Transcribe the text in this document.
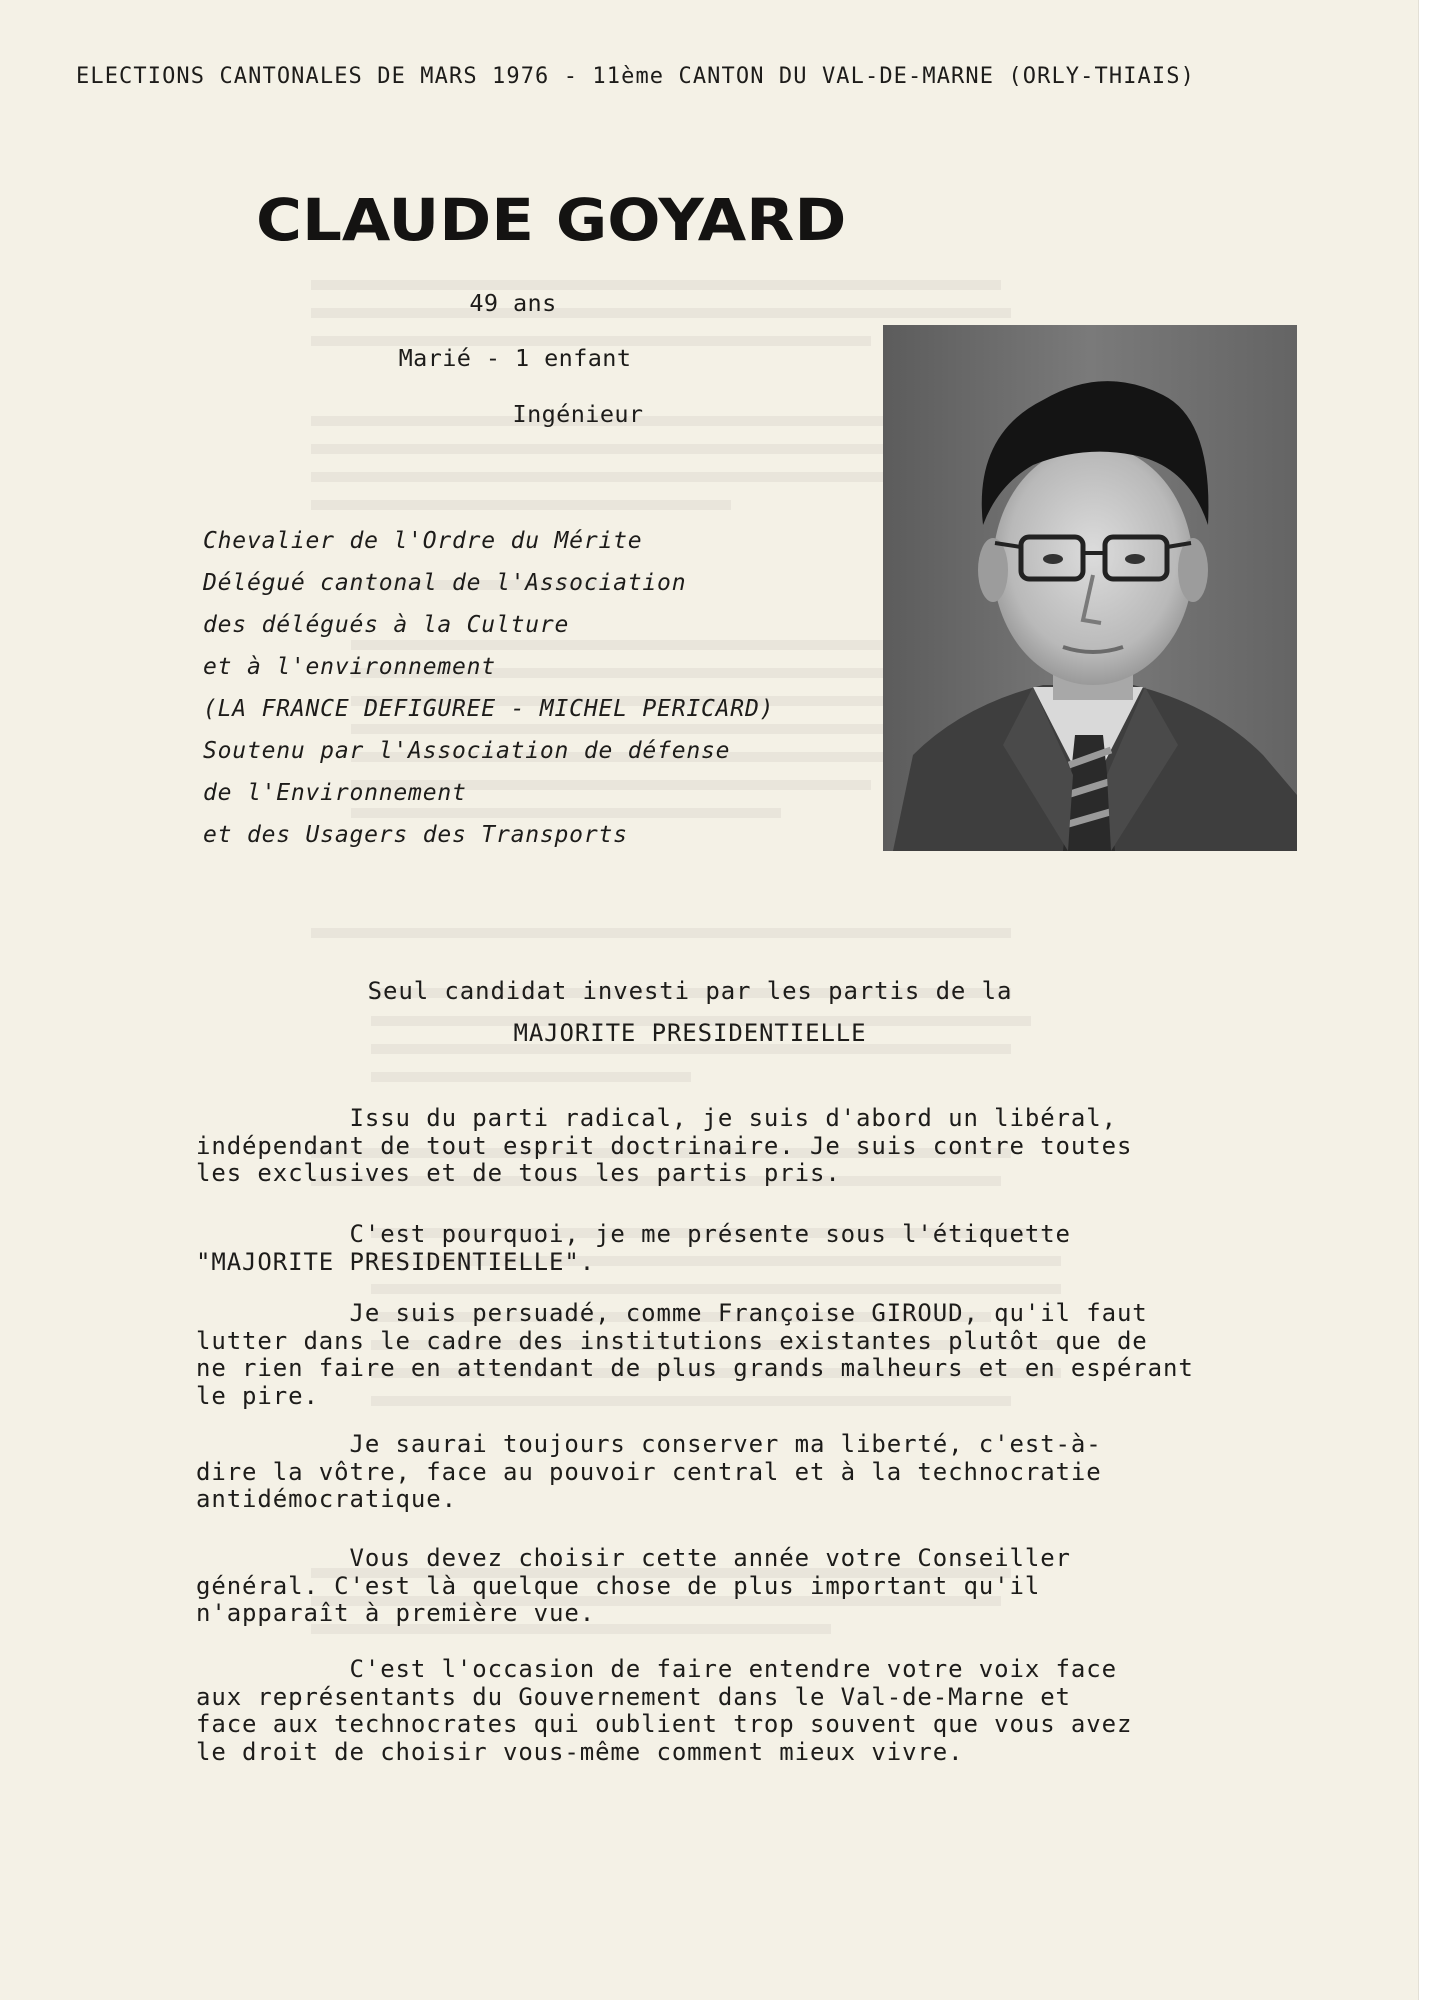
ELECTIONS CANTONALES DE MARS 1976 - 11ème CANTON DU VAL-DE-MARNE (ORLY-THIAIS)

CLAUDE GOYARD

49 ans

Marié - 1 enfant

Ingénieur

Chevalier de l'Ordre du Mérite

Délégué cantonal de l'Association

des délégués à la Culture

et à l'environnement

(LA FRANCE DEFIGUREE - MICHEL PERICARD)

Soutenu par l'Association de défense

de l'Environnement

et des Usagers des Transports

Seul candidat investi par les partis de la

MAJORITE PRESIDENTIELLE

Issu du parti radical, je suis d'abord un libéral,
indépendant de tout esprit doctrinaire. Je suis contre toutes
les exclusives et de tous les partis pris.

C'est pourquoi, je me présente sous l'étiquette
"MAJORITE PRESIDENTIELLE".

Je suis persuadé, comme Françoise GIROUD, qu'il faut
lutter dans le cadre des institutions existantes plutôt que de
ne rien faire en attendant de plus grands malheurs et en espérant
le pire.

Je saurai toujours conserver ma liberté, c'est-à-
dire la vôtre, face au pouvoir central et à la technocratie
antidémocratique.

Vous devez choisir cette année votre Conseiller
général. C'est là quelque chose de plus important qu'il
n'apparaît à première vue.

C'est l'occasion de faire entendre votre voix face
aux représentants du Gouvernement dans le Val-de-Marne et
face aux technocrates qui oublient trop souvent que vous avez
le droit de choisir vous-même comment mieux vivre.
